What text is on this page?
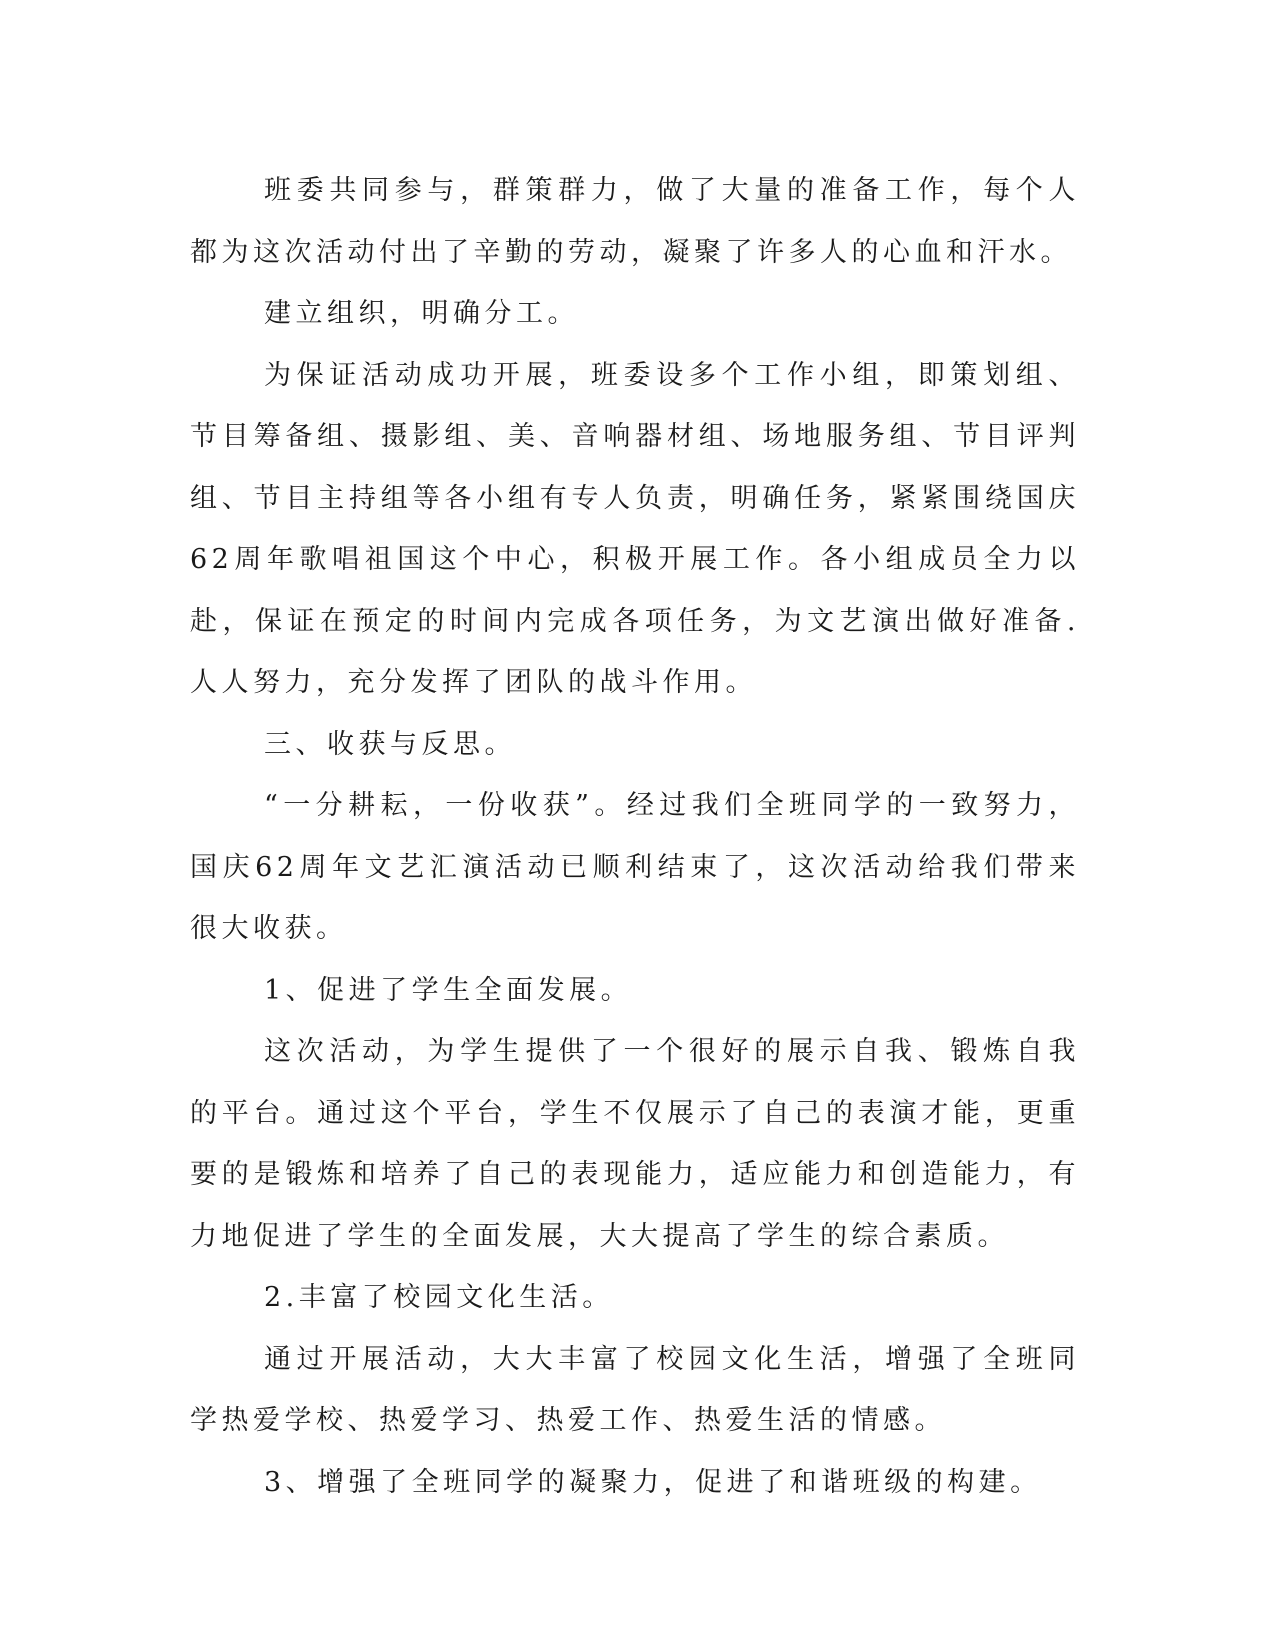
班委共同参与，群策群力，做了大量的准备工作，每个人都为这次活动付出了辛勤的劳动，凝聚了许多人的心血和汗水。

建立组织，明确分工。

为保证活动成功开展，班委设多个工作小组，即策划组、节目筹备组、摄影组、美、音响器材组、场地服务组、节目评判组、节目主持组等各小组有专人负责，明确任务，紧紧围绕国庆62周年歌唱祖国这个中心，积极开展工作。各小组成员全力以赴，保证在预定的时间内完成各项任务，为文艺演出做好准备.人人努力，充分发挥了团队的战斗作用。

三、收获与反思。

“一分耕耘，一份收获”。经过我们全班同学的一致努力，国庆62周年文艺汇演活动已顺利结束了，这次活动给我们带来很大收获。

1、促进了学生全面发展。

这次活动，为学生提供了一个很好的展示自我、锻炼自我的平台。通过这个平台，学生不仅展示了自己的表演才能，更重要的是锻炼和培养了自己的表现能力，适应能力和创造能力，有力地促进了学生的全面发展，大大提高了学生的综合素质。

2.丰富了校园文化生活。

通过开展活动，大大丰富了校园文化生活，增强了全班同学热爱学校、热爱学习、热爱工作、热爱生活的情感。

3、增强了全班同学的凝聚力，促进了和谐班级的构建。
